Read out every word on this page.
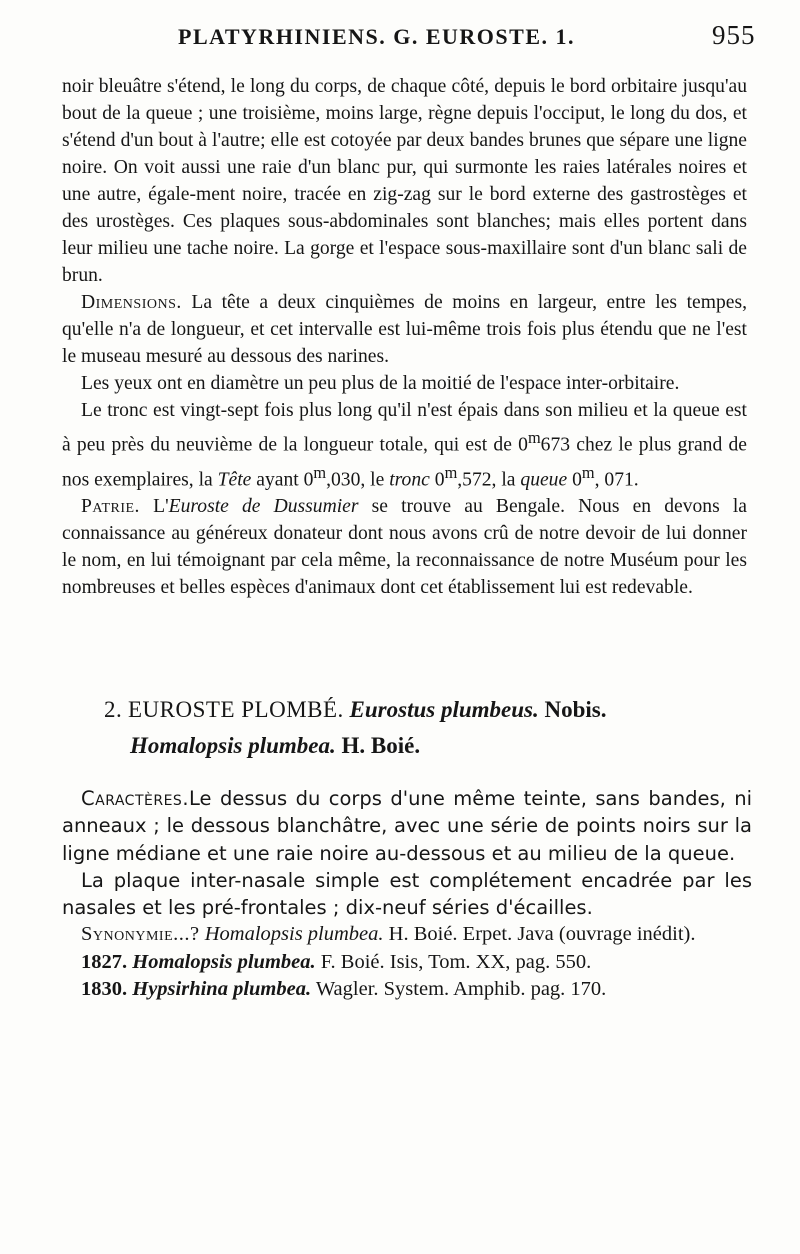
PLATYRHINIENS. G. EUROSTE. 1.	955

noir bleuâtre s'étend, le long du corps, de chaque côté, depuis le bord orbitaire jusqu'au bout de la queue ; une troisième, moins large, règne depuis l'occiput, le long du dos, et s'étend d'un bout à l'autre; elle est cotoyée par deux bandes brunes que sépare une ligne noire. On voit aussi une raie d'un blanc pur, qui surmonte les raies latérales noires et une autre, égale-ment noire, tracée en zig-zag sur le bord externe des gastrostèges et des urostèges. Ces plaques sous-abdominales sont blanches; mais elles portent dans leur milieu une tache noire. La gorge et l'espace sous-maxillaire sont d'un blanc sali de brun.

Dimensions. La tête a deux cinquièmes de moins en largeur, entre les tempes, qu'elle n'a de longueur, et cet intervalle est lui-même trois fois plus étendu que ne l'est le museau mesuré au dessous des narines.

Les yeux ont en diamètre un peu plus de la moitié de l'espace inter-orbitaire.

Le tronc est vingt-sept fois plus long qu'il n'est épais dans son milieu et la queue est à peu près du neuvième de la longueur totale, qui est de 0$^m$673 chez le plus grand de nos exemplaires, la Tête ayant 0$^m$,030, le tronc 0$^m$,572, la queue 0$^m$, 071.

Patrie. L'Euroste de Dussumier se trouve au Bengale. Nous en devons la connaissance au généreux donateur dont nous avons crû de notre devoir de lui donner le nom, en lui témoignant par cela même, la reconnaissance de notre Muséum pour les nombreuses et belles espèces d'animaux dont cet établissement lui est redevable.

2. EUROSTE PLOMBÉ. Eurostus plumbeus. Nobis.
Homalopsis plumbea. H. Boié.

Caractères.Le dessus du corps d'une même teinte, sans bandes, ni anneaux ; le dessous blanchâtre, avec une série de points noirs sur la ligne médiane et une raie noire au-dessous et au milieu de la queue.

La plaque inter-nasale simple est complétement encadrée par les nasales et les pré-frontales ; dix-neuf séries d'écailles.

Synonymie...? Homalopsis plumbea. H. Boié. Erpet. Java (ouvrage inédit).

1827. Homalopsis plumbea. F. Boié. Isis, Tom. XX, pag. 550.

1830. Hypsirhina plumbea. Wagler. System. Amphib. pag. 170.
